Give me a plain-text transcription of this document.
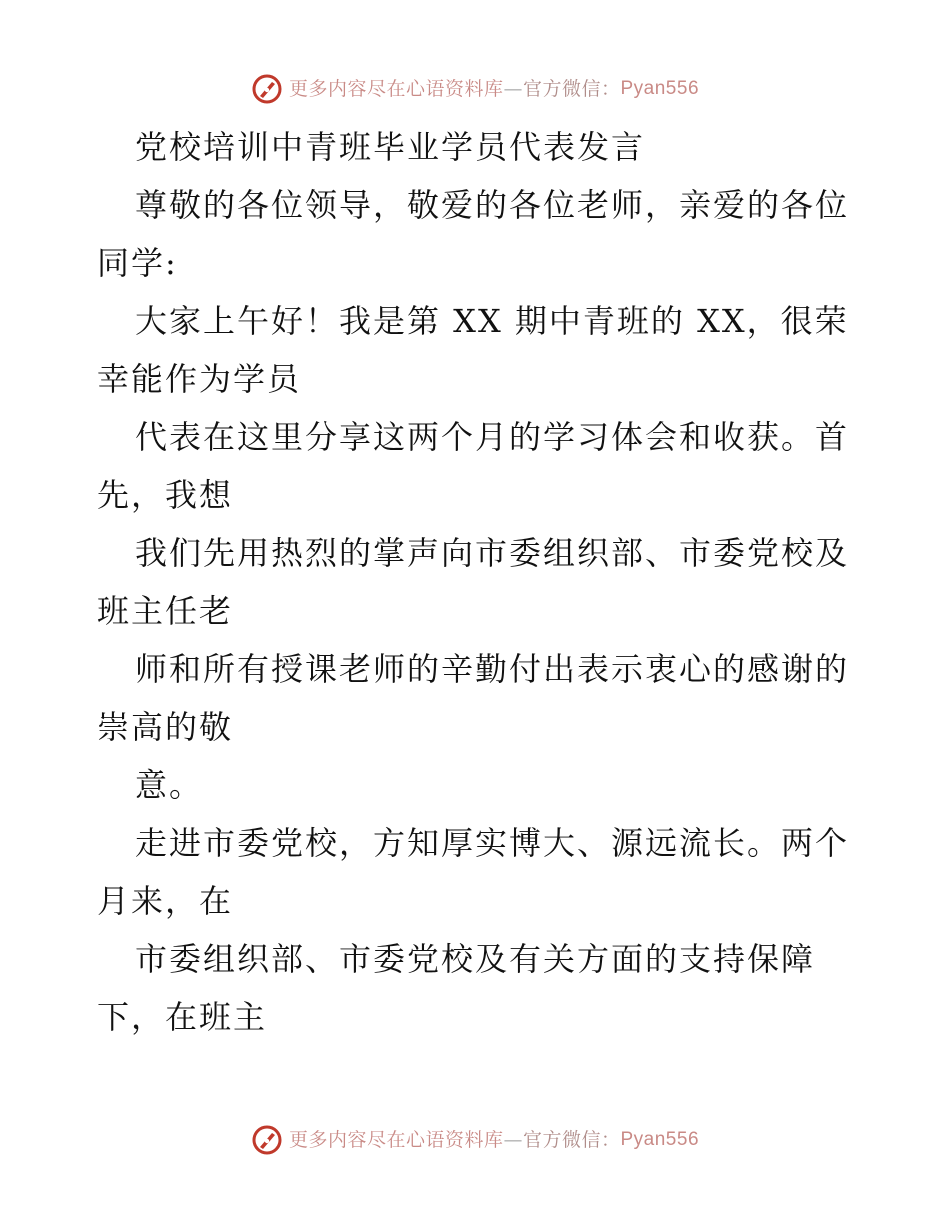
更多内容尽在心语资料库 — 官方微信： Pyan556
党校培训中青班毕业学员代表发言
尊敬的各位领导，敬爱的各位老师，亲爱的各位
同学:
大家上午好！我是第 XX 期中青班的 XX，很荣
幸能作为学员
代表在这里分享这两个月的学习体会和收获。首
先，我想
我们先用热烈的掌声向市委组织部、市委党校及
班主任老
师和所有授课老师的辛勤付出表示衷心的感谢的
崇高的敬
意。
走进市委党校，方知厚实博大、源远流长。两个
月来，在
市委组织部、市委党校及有关方面的支持保障
下，在班主
更多内容尽在心语资料库 — 官方微信： Pyan556
